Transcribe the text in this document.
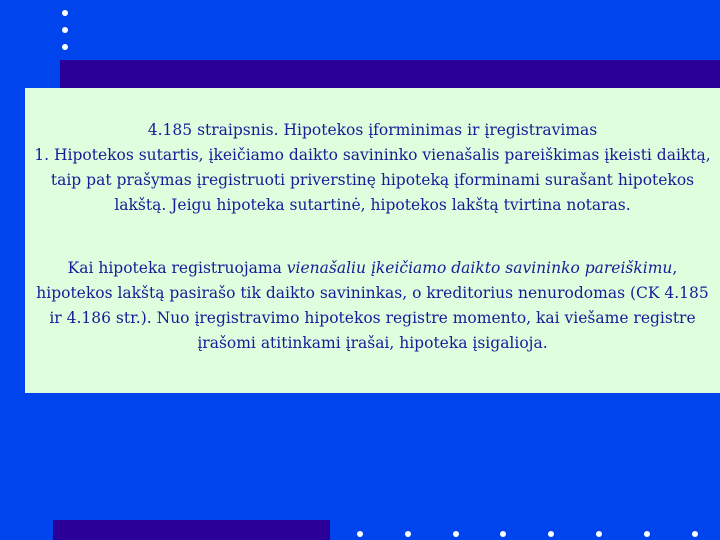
4.185 straipsnis. Hipotekos įforminimas ir įregistravimas
1. Hipotekos sutartis, įkeičiamo daikto savininko vienašalis pareiškimas įkeisti daiktą, taip pat prašymas įregistruoti priverstinę hipoteką įforminami surašant hipotekos lakštą. Jeigu hipoteka sutartinė, hipotekos lakštą tvirtina notaras.

Kai hipoteka registruojama vienašaliu įkeičiamo daikto savininko pareiškimu, hipotekos lakštą pasirašo tik daikto savininkas, o kreditorius nenurodomas (CK 4.185 ir 4.186 str.). Nuo įregistravimo hipotekos registre momento, kai viešame registre įrašomi atitinkami įrašai, hipoteka įsigalioja.
